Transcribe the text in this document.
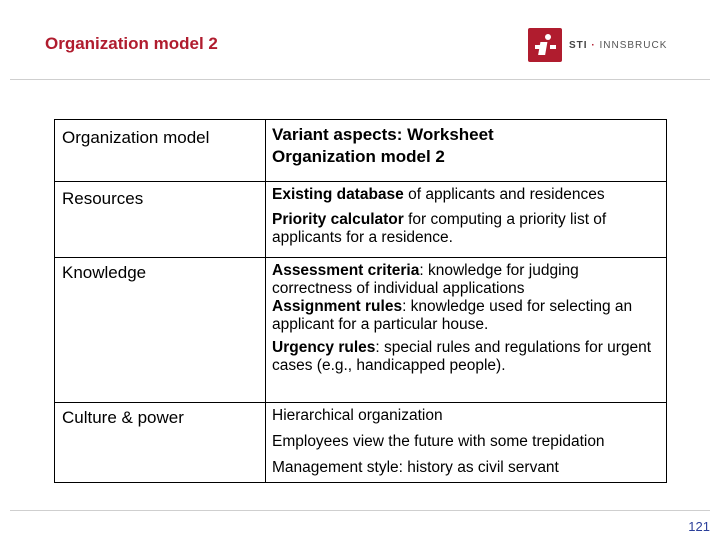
Organization model 2	STI · INNSBRUCK
Organization model	Variant aspects: Worksheet
Organization model 2

Resources	Existing database of applicants and residences
Priority calculator for computing a priority list of applicants for a residence.

Knowledge	Assessment criteria: knowledge for judging correctness of individual applications
Assignment rules: knowledge used for selecting an applicant for a particular house.
Urgency rules: special rules and regulations for urgent cases (e.g., handicapped people).

Culture & power	Hierarchical organization
Employees view the future with some trepidation
Management style: history as civil servant
121
